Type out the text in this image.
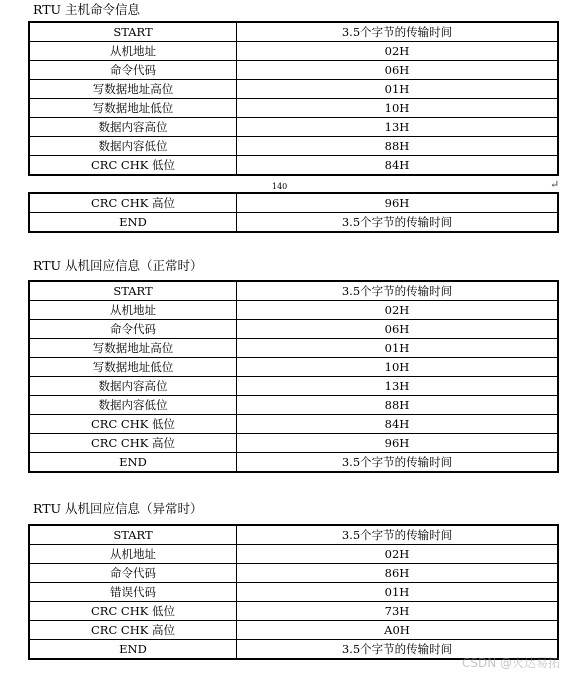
RTU 主机命令信息
START	3.5个字节的传输时间
从机地址	02H
命令代码	06H
写数据地址高位	01H
写数据地址低位	10H
数据内容高位	13H
数据内容低位	88H
CRC CHK 低位	84H
140	↵
CRC CHK 高位	96H
END	3.5个字节的传输时间
RTU 从机回应信息（正常时）
START	3.5个字节的传输时间
从机地址	02H
命令代码	06H
写数据地址高位	01H
写数据地址低位	10H
数据内容高位	13H
数据内容低位	88H
CRC CHK 低位	84H
CRC CHK 高位	96H
END	3.5个字节的传输时间
RTU 从机回应信息（异常时）
START	3.5个字节的传输时间
从机地址	02H
命令代码	86H
错误代码	01H
CRC CHK 低位	73H
CRC CHK 高位	A0H
END	3.5个字节的传输时间
CSDN @火达易拓
